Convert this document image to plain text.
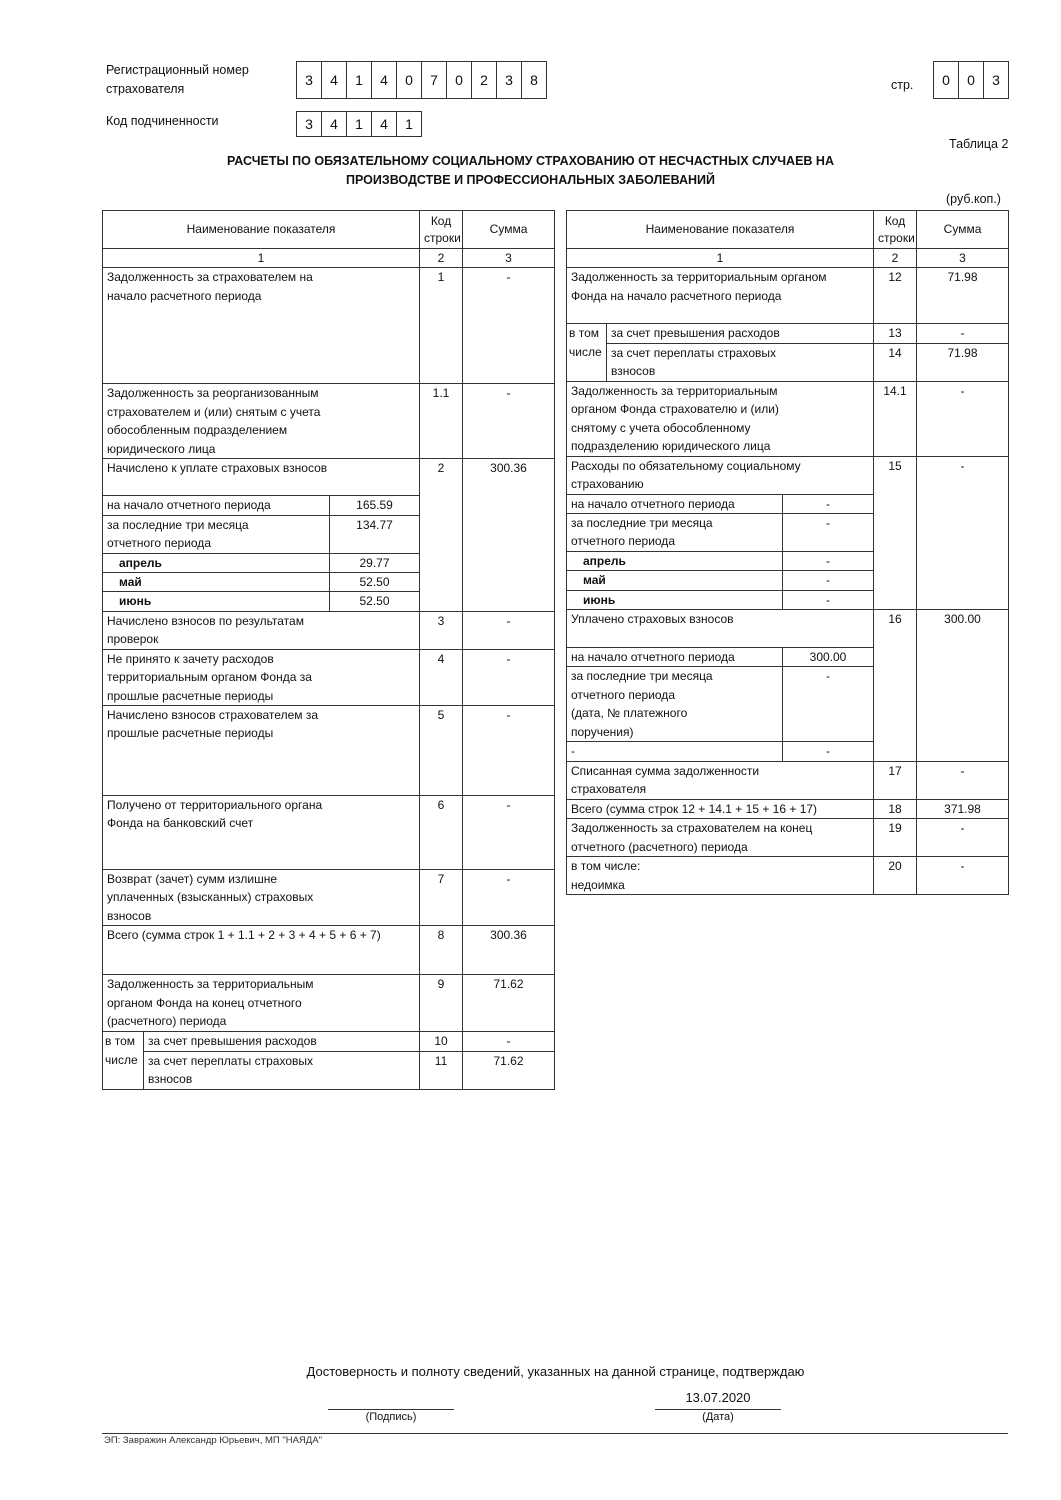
Регистрационный номер
страхователя
3	4	1	4	0	7	0	2	3	8	стр.	0	0	3
Код подчиненности	3	4	1	4	1
Таблица 2
РАСЧЕТЫ ПО ОБЯЗАТЕЛЬНОМУ СОЦИАЛЬНОМУ СТРАХОВАНИЮ ОТ НЕСЧАСТНЫХ СЛУЧАЕВ НА
ПРОИЗВОДСТВЕ И ПРОФЕССИОНАЛЬНЫХ ЗАБОЛЕВАНИЙ
(руб.коп.)
Наименование показателя			Код
строки	Сумма
1			2	3

Задолженность за страхователем на
начало расчетного периода			1	-

Задолженность за реорганизованным
страхователем и (или) снятым с учета
обособленным подразделением
юридического лица			1.1	-
Начислено к уплате страховых взносов			2	300.36
на начало отчетного периода		165.59		

за последние три месяца
отчетного периода		134.77		
апрель		29.77		
май		52.50		
июнь		52.50		

Начислено взносов по результатам
проверок			3	-

Не принято к зачету расходов
территориальным органом Фонда за
прошлые расчетные периоды			4	-

Начислено взносов страхователем за
прошлые расчетные периоды			5	-

Получено от территориального органа
Фонда на банковский счет			6	-

Возврат (зачет) сумм излишне
уплаченных (взысканных) страховых
взносов			7	-
Всего (сумма строк 1 + 1.1 + 2 + 3 + 4 + 5 + 6 + 7)			8	300.36

Задолженность за территориальным
органом Фонда на конец отчетного
(расчетного) периода			9	71.62

в том
числе	за счет превышения расходов		10	-

	за счет переплаты страховых
взносов		11	71.62
Наименование показателя			Код
строки	Сумма
1			2	3

Задолженность за территориальным органом
Фонда на начало расчетного периода			12	71.98

в том
числе	за счет превышения расходов		13	-

	за счет переплаты страховых
взносов		14	71.98

Задолженность за территориальным
органом Фонда страхователю и (или)
снятому с учета обособленному
подразделению юридического лица			14.1	-

Расходы по обязательному социальному
страхованию			15	-
на начало отчетного периода		-		

за последние три месяца
отчетного периода		-		
апрель		-		
май		-		
июнь		-		
Уплачено страховых взносов			16	300.00
на начало отчетного периода		300.00		

за последние три месяца
отчетного периода
(дата, № платежного
поручения)		-		
-		-		

Списанная сумма задолженности
страхователя			17	-
Всего (сумма строк 12 + 14.1 + 15 + 16 + 17)			18	371.98

Задолженность за страхователем на конец
отчетного (расчетного) периода			19	-

в том числе:
недоимка			20	-
Достоверность и полноту сведений, указанных на данной странице, подтверждаю
13.07.2020
(Подпись)	(Дата)
ЭП: Завражин Александр Юрьевич, МП "НАЯДА"
